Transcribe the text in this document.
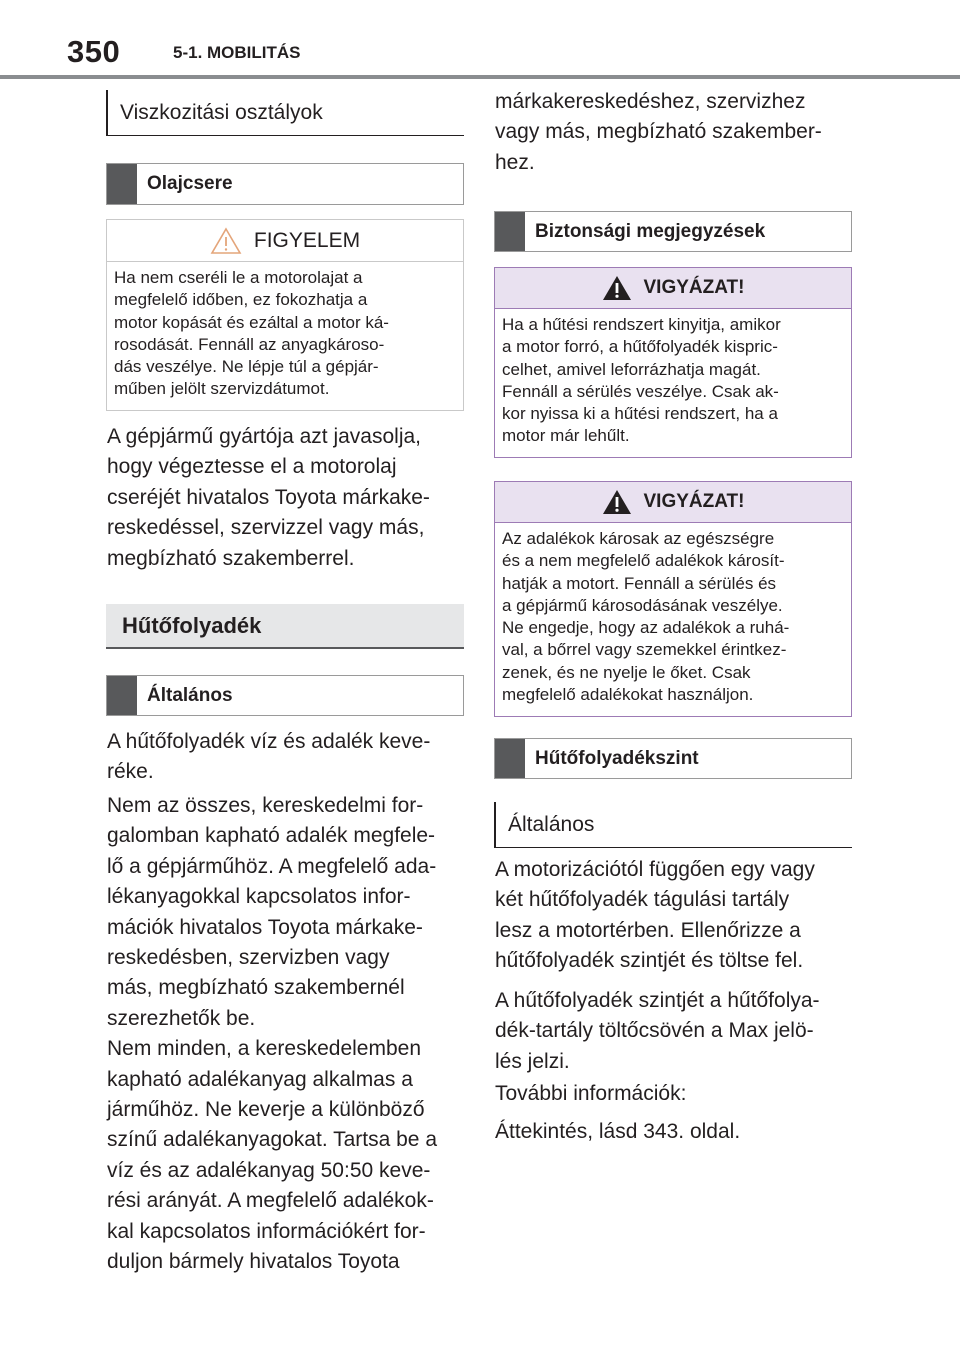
350	5-1. MOBILITÁS
Viszkozitási osztályok
Olajcsere
FIGYELEM
Ha nem cseréli le a motorolajat a
megfelelő időben, ez fokozhatja a
motor kopását és ezáltal a motor ká-
rosodását. Fennáll az anyagkároso-
dás veszélye. Ne lépje túl a gépjár-
műben jelölt szervizdátumot.
A gépjármű gyártója azt javasolja,
hogy végeztesse el a motorolaj
cseréjét hivatalos Toyota márkake-
reskedéssel, szervizzel vagy más,
megbízható szakemberrel.
Hűtőfolyadék
Általános
A hűtőfolyadék víz és adalék keve-
réke.
Nem az összes, kereskedelmi for-
galomban kapható adalék megfele-
lő a gépjárműhöz. A megfelelő ada-
lékanyagokkal kapcsolatos infor-
mációk hivatalos Toyota márkake-
reskedésben, szervizben vagy
más, megbízható szakembernél
szerezhetők be.
Nem minden, a kereskedelemben
kapható adalékanyag alkalmas a
járműhöz. Ne keverje a különböző
színű adalékanyagokat. Tartsa be a
víz és az adalékanyag 50:50 keve-
rési arányát. A megfelelő adalékok-
kal kapcsolatos információkért for-
duljon bármely hivatalos Toyota
márkakereskedéshez, szervizhez
vagy más, megbízható szakember-
hez.
Biztonsági megjegyzések
VIGYÁZAT!
Ha a hűtési rendszert kinyitja, amikor
a motor forró, a hűtőfolyadék kispric-
celhet, amivel leforrázhatja magát.
Fennáll a sérülés veszélye. Csak ak-
kor nyissa ki a hűtési rendszert, ha a
motor már lehűlt.
VIGYÁZAT!
Az adalékok károsak az egészségre
és a nem megfelelő adalékok károsít-
hatják a motort. Fennáll a sérülés és
a gépjármű károsodásának veszélye.
Ne engedje, hogy az adalékok a ruhá-
val, a bőrrel vagy szemekkel érintkez-
zenek, és ne nyelje le őket. Csak
megfelelő adalékokat használjon.
Hűtőfolyadékszint
Általános
A motorizációtól függően egy vagy
két hűtőfolyadék tágulási tartály
lesz a motortérben. Ellenőrizze a
hűtőfolyadék szintjét és töltse fel.
A hűtőfolyadék szintjét a hűtőfolya-
dék-tartály töltőcsövén a Max jelö-
lés jelzi.
További információk:
Áttekintés, lásd 343. oldal.
